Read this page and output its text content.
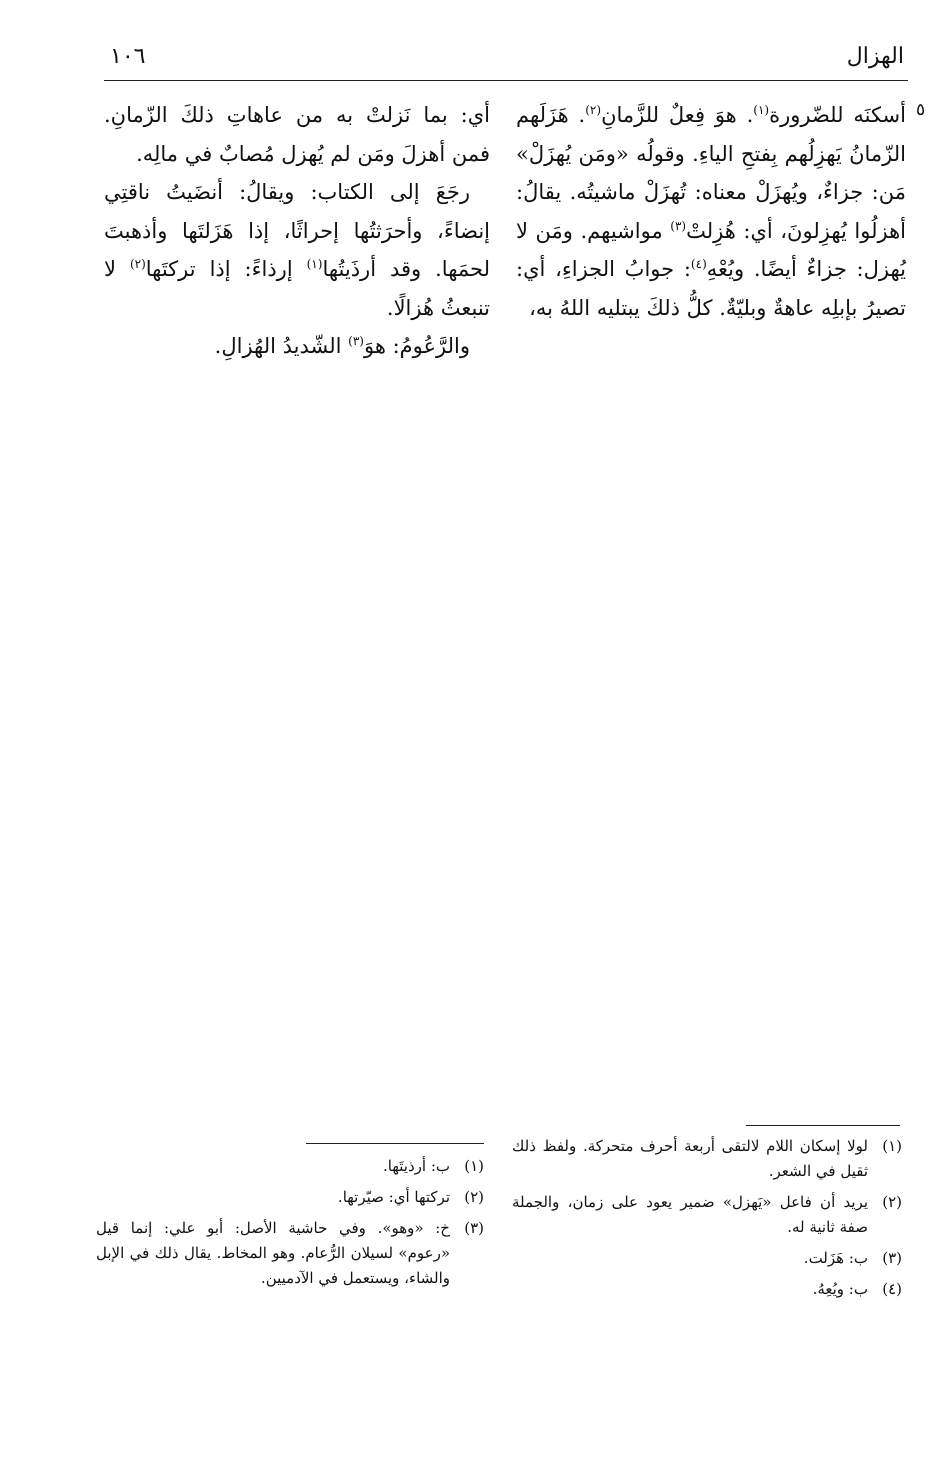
الهزال
١٠٦
٥

أسكنَه للضّرورة$^{(١)}$. هوَ فِعلٌ للزَّمانِ$^{(٢)}$. هَزَلَهم الزّمانُ يَهزِلُهم بِفتحِ الياءِ. وقولُه «ومَن يُهزَلْ» مَن: جزاءٌ، ويُهزَلْ معناه: تُهزَلْ ماشيتُه. يقالُ: أهزلُوا يُهزِلونَ، أي: هُزِلتْ$^{(٣)}$ مواشيهم. ومَن لا يُهزل: جزاءٌ أيضًا. ويُعْهِ$^{(٤)}$: جوابُ الجزاءِ، أي: تصيرُ بإبلِه عاهةٌ وبليّةٌ. كلُّ ذلكَ يبتليه اللهُ به،

أي: بما نَزلتْ به من عاهاتِ ذلكَ الزّمانِ. فمن أهزلَ ومَن لم يُهزل مُصابٌ في مالِه.

رجَعَ إلى الكتاب: ويقالُ: أنضَيتُ ناقتِي إنضاءً، وأحرَثتُها إحراثًا، إذا هَزَلتَها وأذهبتَ لحمَها. وقد أرذَيتُها$^{(١)}$ إرذاءً: إذا تركتَها$^{(٢)}$ لا تنبعثُ هُزالًا.

والرَّعُومُ: هوَ$^{(٣)}$ الشّديدُ الهُزالِ.

(١)
لولا إسكان اللام لالتقى أربعة أحرف متحركة. ولفظ ذلك ثقيل في الشعر.
(٢)
يريد أن فاعل «يَهزل» ضمير يعود على زمان، والجملة صفة ثانية له.
(٣)
ب: هَزَلت.
(٤)
ب: ويُعِهُ.
(١)
ب: أرذيتَها.
(٢)
تركتها أي: صيّرتها.
(٣)
خ: «وهو». وفي حاشية الأصل: أبو علي: إنما قيل «رعوم» لسيلان الرُّعام. وهو المخاط. يقال ذلك في الإبل والشاء، ويستعمل في الآدميين.
